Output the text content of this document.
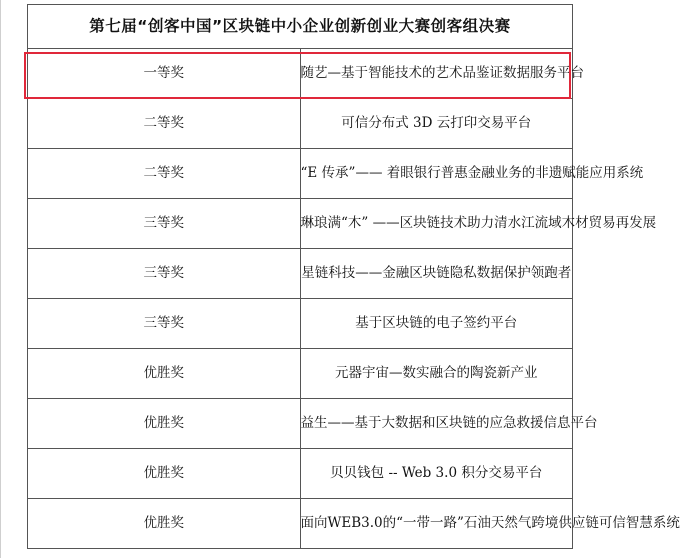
第七届“创客中国”区块链中小企业创新创业大赛创客组决赛	
一等奖	随艺—基于智能技术的艺术品鉴证数据服务平台
二等奖	可信分布式 3D 云打印交易平台
二等奖	“E 传承”—— 着眼银行普惠金融业务的非遗赋能应用系统
三等奖	琳琅满“木” ——区块链技术助力清水江流域木材贸易再发展
三等奖	星链科技——金融区块链隐私数据保护领跑者
三等奖	基于区块链的电子签约平台
优胜奖	元器宇宙—数实融合的陶瓷新产业
优胜奖	益生——基于大数据和区块链的应急救援信息平台
优胜奖	贝贝钱包 -- Web 3.0 积分交易平台
优胜奖	面向WEB3.0的“一带一路”石油天然气跨境供应链可信智慧系统
